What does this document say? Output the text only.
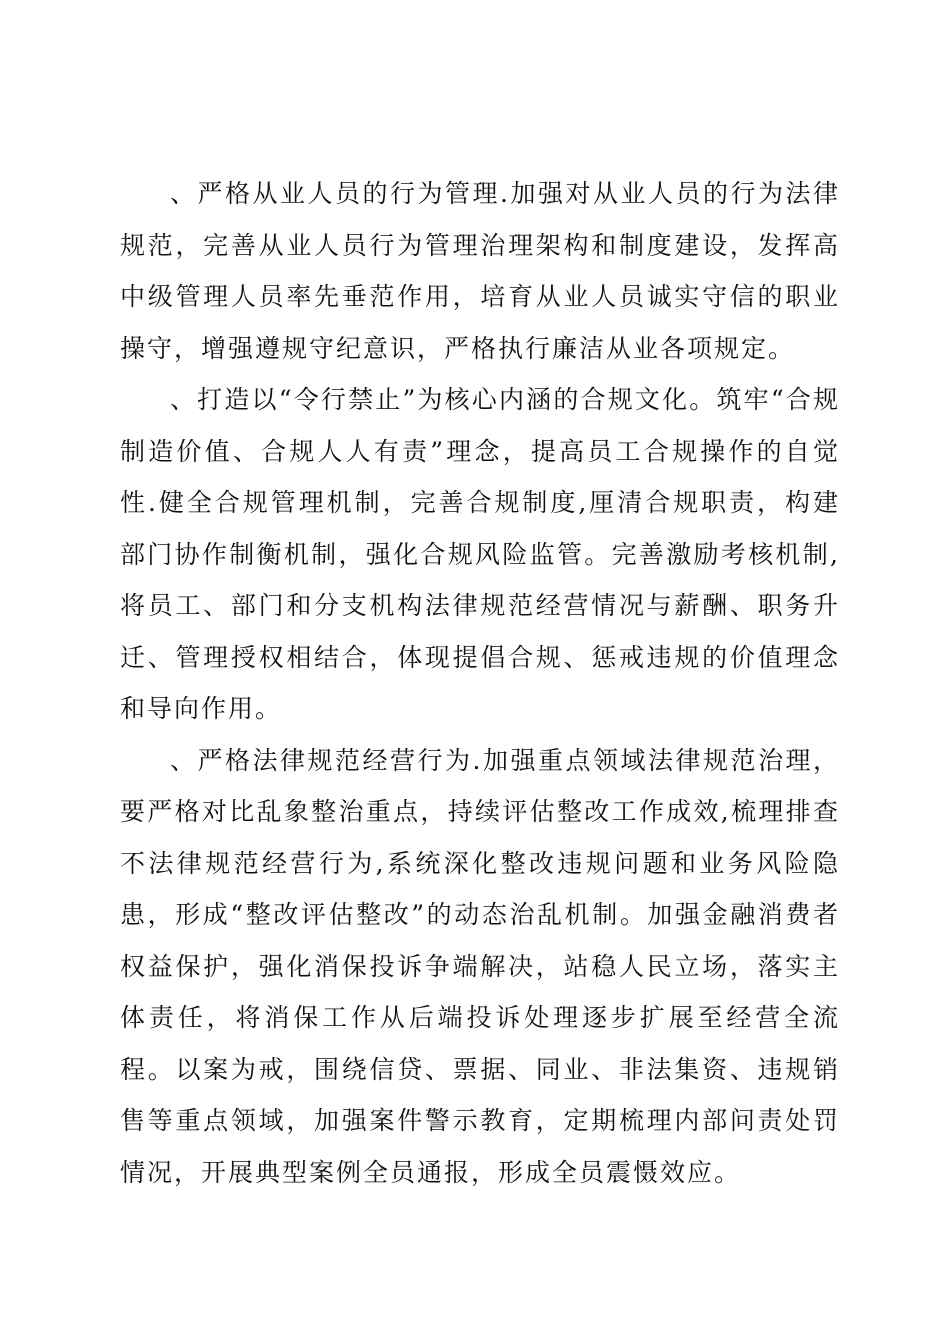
、严格从业人员的行为管理.加强对从业人员的行为法律规范，完善从业人员行为管理治理架构和制度建设，发挥高中级管理人员率先垂范作用，培育从业人员诚实守信的职业操守，增强遵规守纪意识，严格执行廉洁从业各项规定。

、打造以“令行禁止”为核心内涵的合规文化。筑牢“合规制造价值、合规人人有责”理念，提高员工合规操作的自觉性.健全合规管理机制，完善合规制度,厘清合规职责，构建部门协作制衡机制，强化合规风险监管。完善激励考核机制,将员工、部门和分支机构法律规范经营情况与薪酬、职务升迁、管理授权相结合，体现提倡合规、惩戒违规的价值理念和导向作用。

、严格法律规范经营行为.加强重点领域法律规范治理，要严格对比乱象整治重点，持续评估整改工作成效,梳理排查不法律规范经营行为,系统深化整改违规问题和业务风险隐患，形成“整改评估整改”的动态治乱机制。加强金融消费者权益保护，强化消保投诉争端解决，站稳人民立场，落实主体责任，将消保工作从后端投诉处理逐步扩展至经营全流程。以案为戒，围绕信贷、票据、同业、非法集资、违规销售等重点领域，加强案件警示教育，定期梳理内部问责处罚情况，开展典型案例全员通报，形成全员震慑效应。
